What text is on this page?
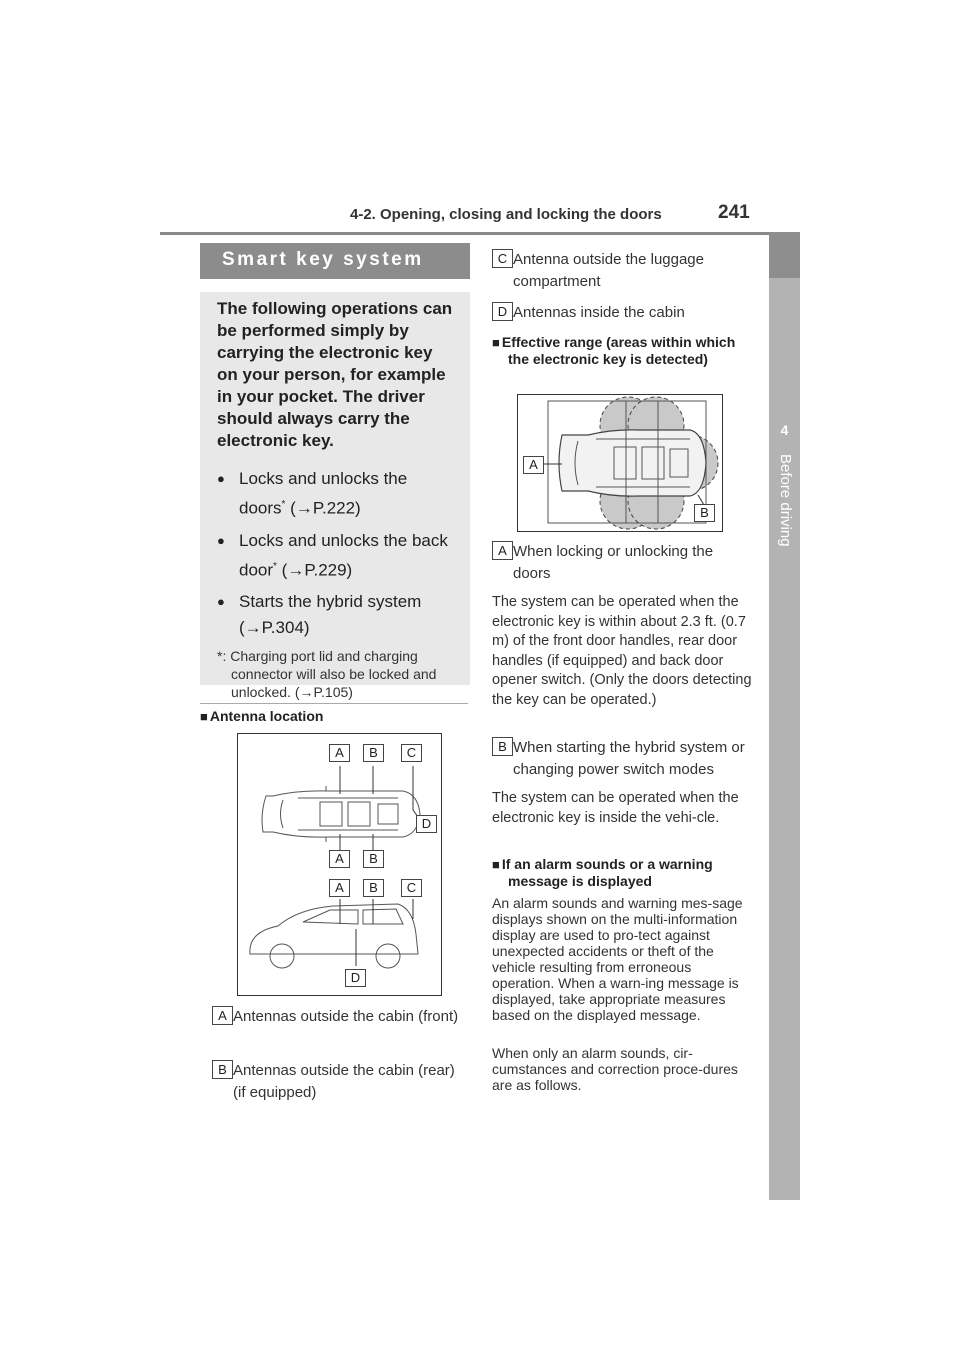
4-2. Opening, closing and locking the doors	241
4
Before driving
Smart key system

The following operations can be performed simply by carrying the electronic key on your person, for example in your pocket. The driver should always carry the electronic key.

● Locks and unlocks the doors* (→P.222)
● Locks and unlocks the back door* (→P.229)
● Starts the hybrid system (→P.304)

*: Charging port lid and charging connector will also be locked and unlocked. (→P.105)

■ Antenna location
A	B	C
D
A	B
A	B	C
D
A Antennas outside the cabin (front)
B Antennas outside the cabin (rear) (if equipped)
C Antenna outside the luggage compartment
D Antennas inside the cabin
■ Effective range (areas within which the electronic key is detected)
A
B
A When locking or unlocking the doors
The system can be operated when the electronic key is within about 2.3 ft. (0.7 m) of the front door handles, rear door handles (if equipped) and back door opener switch. (Only the doors detecting the key can be operated.)
B When starting the hybrid system or changing power switch modes
The system can be operated when the electronic key is inside the vehi-cle.
■ If an alarm sounds or a warning message is displayed
An alarm sounds and warning mes-sage displays shown on the multi-information display are used to pro-tect against unexpected accidents or theft of the vehicle resulting from erroneous operation. When a warn-ing message is displayed, take appropriate measures based on the displayed message.
When only an alarm sounds, cir-cumstances and correction proce-dures are as follows.
